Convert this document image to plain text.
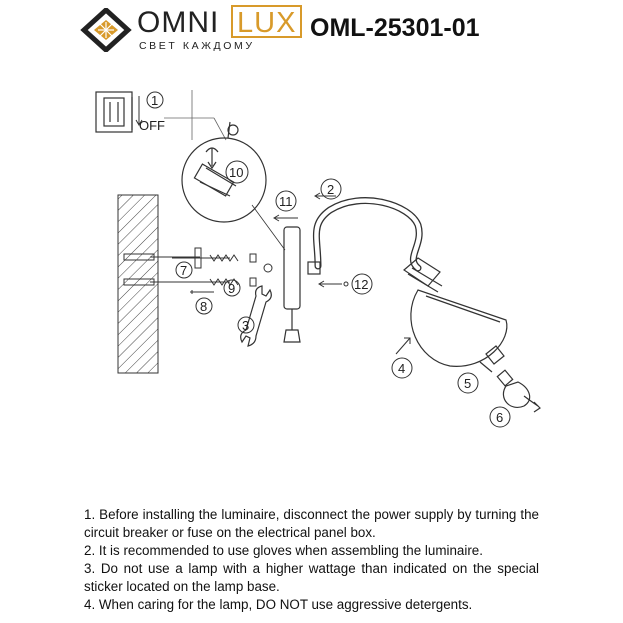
OMNI LUX
СВЕТ КАЖДОМУ
OML-25301-01
1
OFF
10
7
8
9
3
11
2
12
4
5
6

1. Before installing the luminaire, disconnect the power supply by turning the circuit breaker or fuse on the electrical panel box.

2. It is recommended to use gloves when assembling the luminaire.

3. Do not use a lamp with a higher wattage than indicated on the special sticker located on the lamp base.

4. When caring for the lamp, DO NOT use aggressive detergents.
